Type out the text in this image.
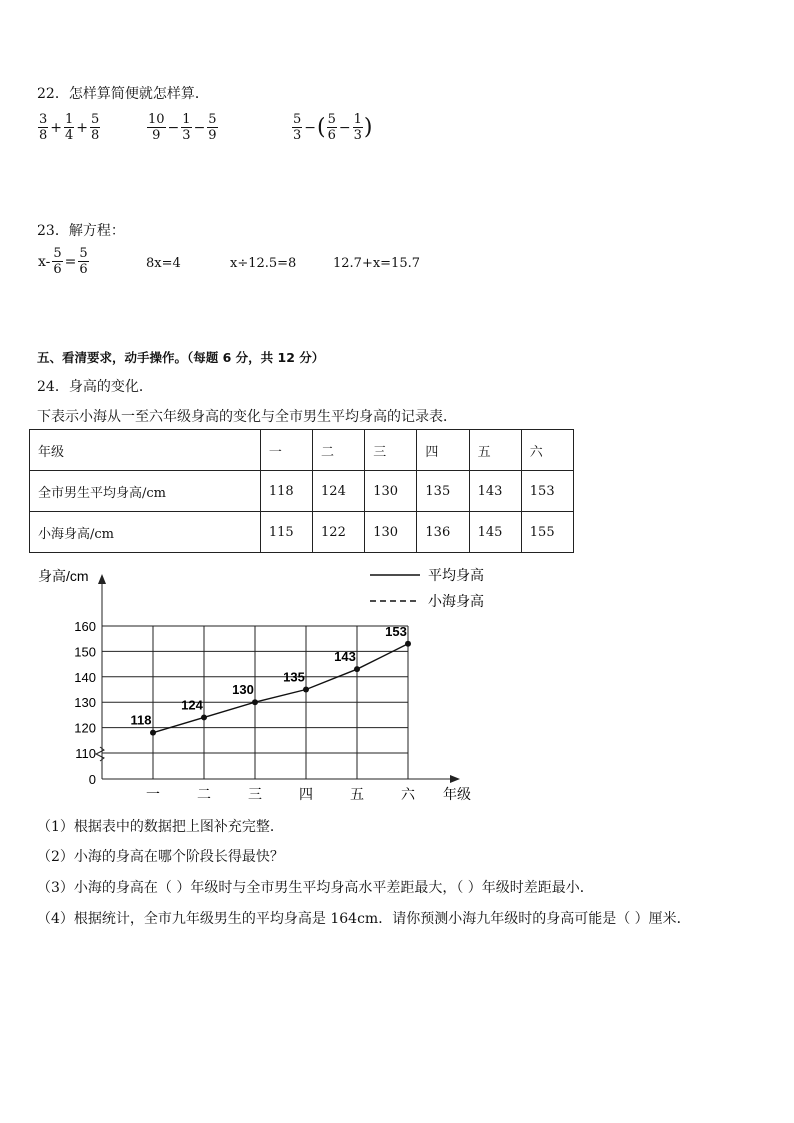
22．怎样算简便就怎样算．
$\frac{3}{8} + \frac{1}{4} + \frac{5}{8}$	$\frac{10}{9} - \frac{1}{3} - \frac{5}{9}$	$\frac{5}{3}$ − ( $\frac{5}{6} - \frac{1}{3}$ )
23．解方程：
$x- \frac{5}{6} = \frac{5}{6}$	8x=4	x÷12.5=8	12.7+x=15.7
五、看清要求，动手操作。（每题 6 分，共 12 分）
24．身高的变化．
下表示小海从一至六年级身高的变化与全市男生平均身高的记录表．
年级	一	二	三	四	五	六
全市男生平均身高/cm	118	124	130	135	143	153
小海身高/cm	115	122	130	136	145	155
0
110
120
130
140
150
160
一	二	三	四	五	六
118
124
130
135
143
153
平均身高
小海身高
身高/cm
年级
（1）根据表中的数据把上图补充完整．
（2）小海的身高在哪个阶段长得最快？
（3）小海的身高在（ ）年级时与全市男生平均身高水平差距最大，（ ）年级时差距最小．
（4）根据统计，全市九年级男生的平均身高是 164cm．请你预测小海九年级时的身高可能是（ ）厘米．
